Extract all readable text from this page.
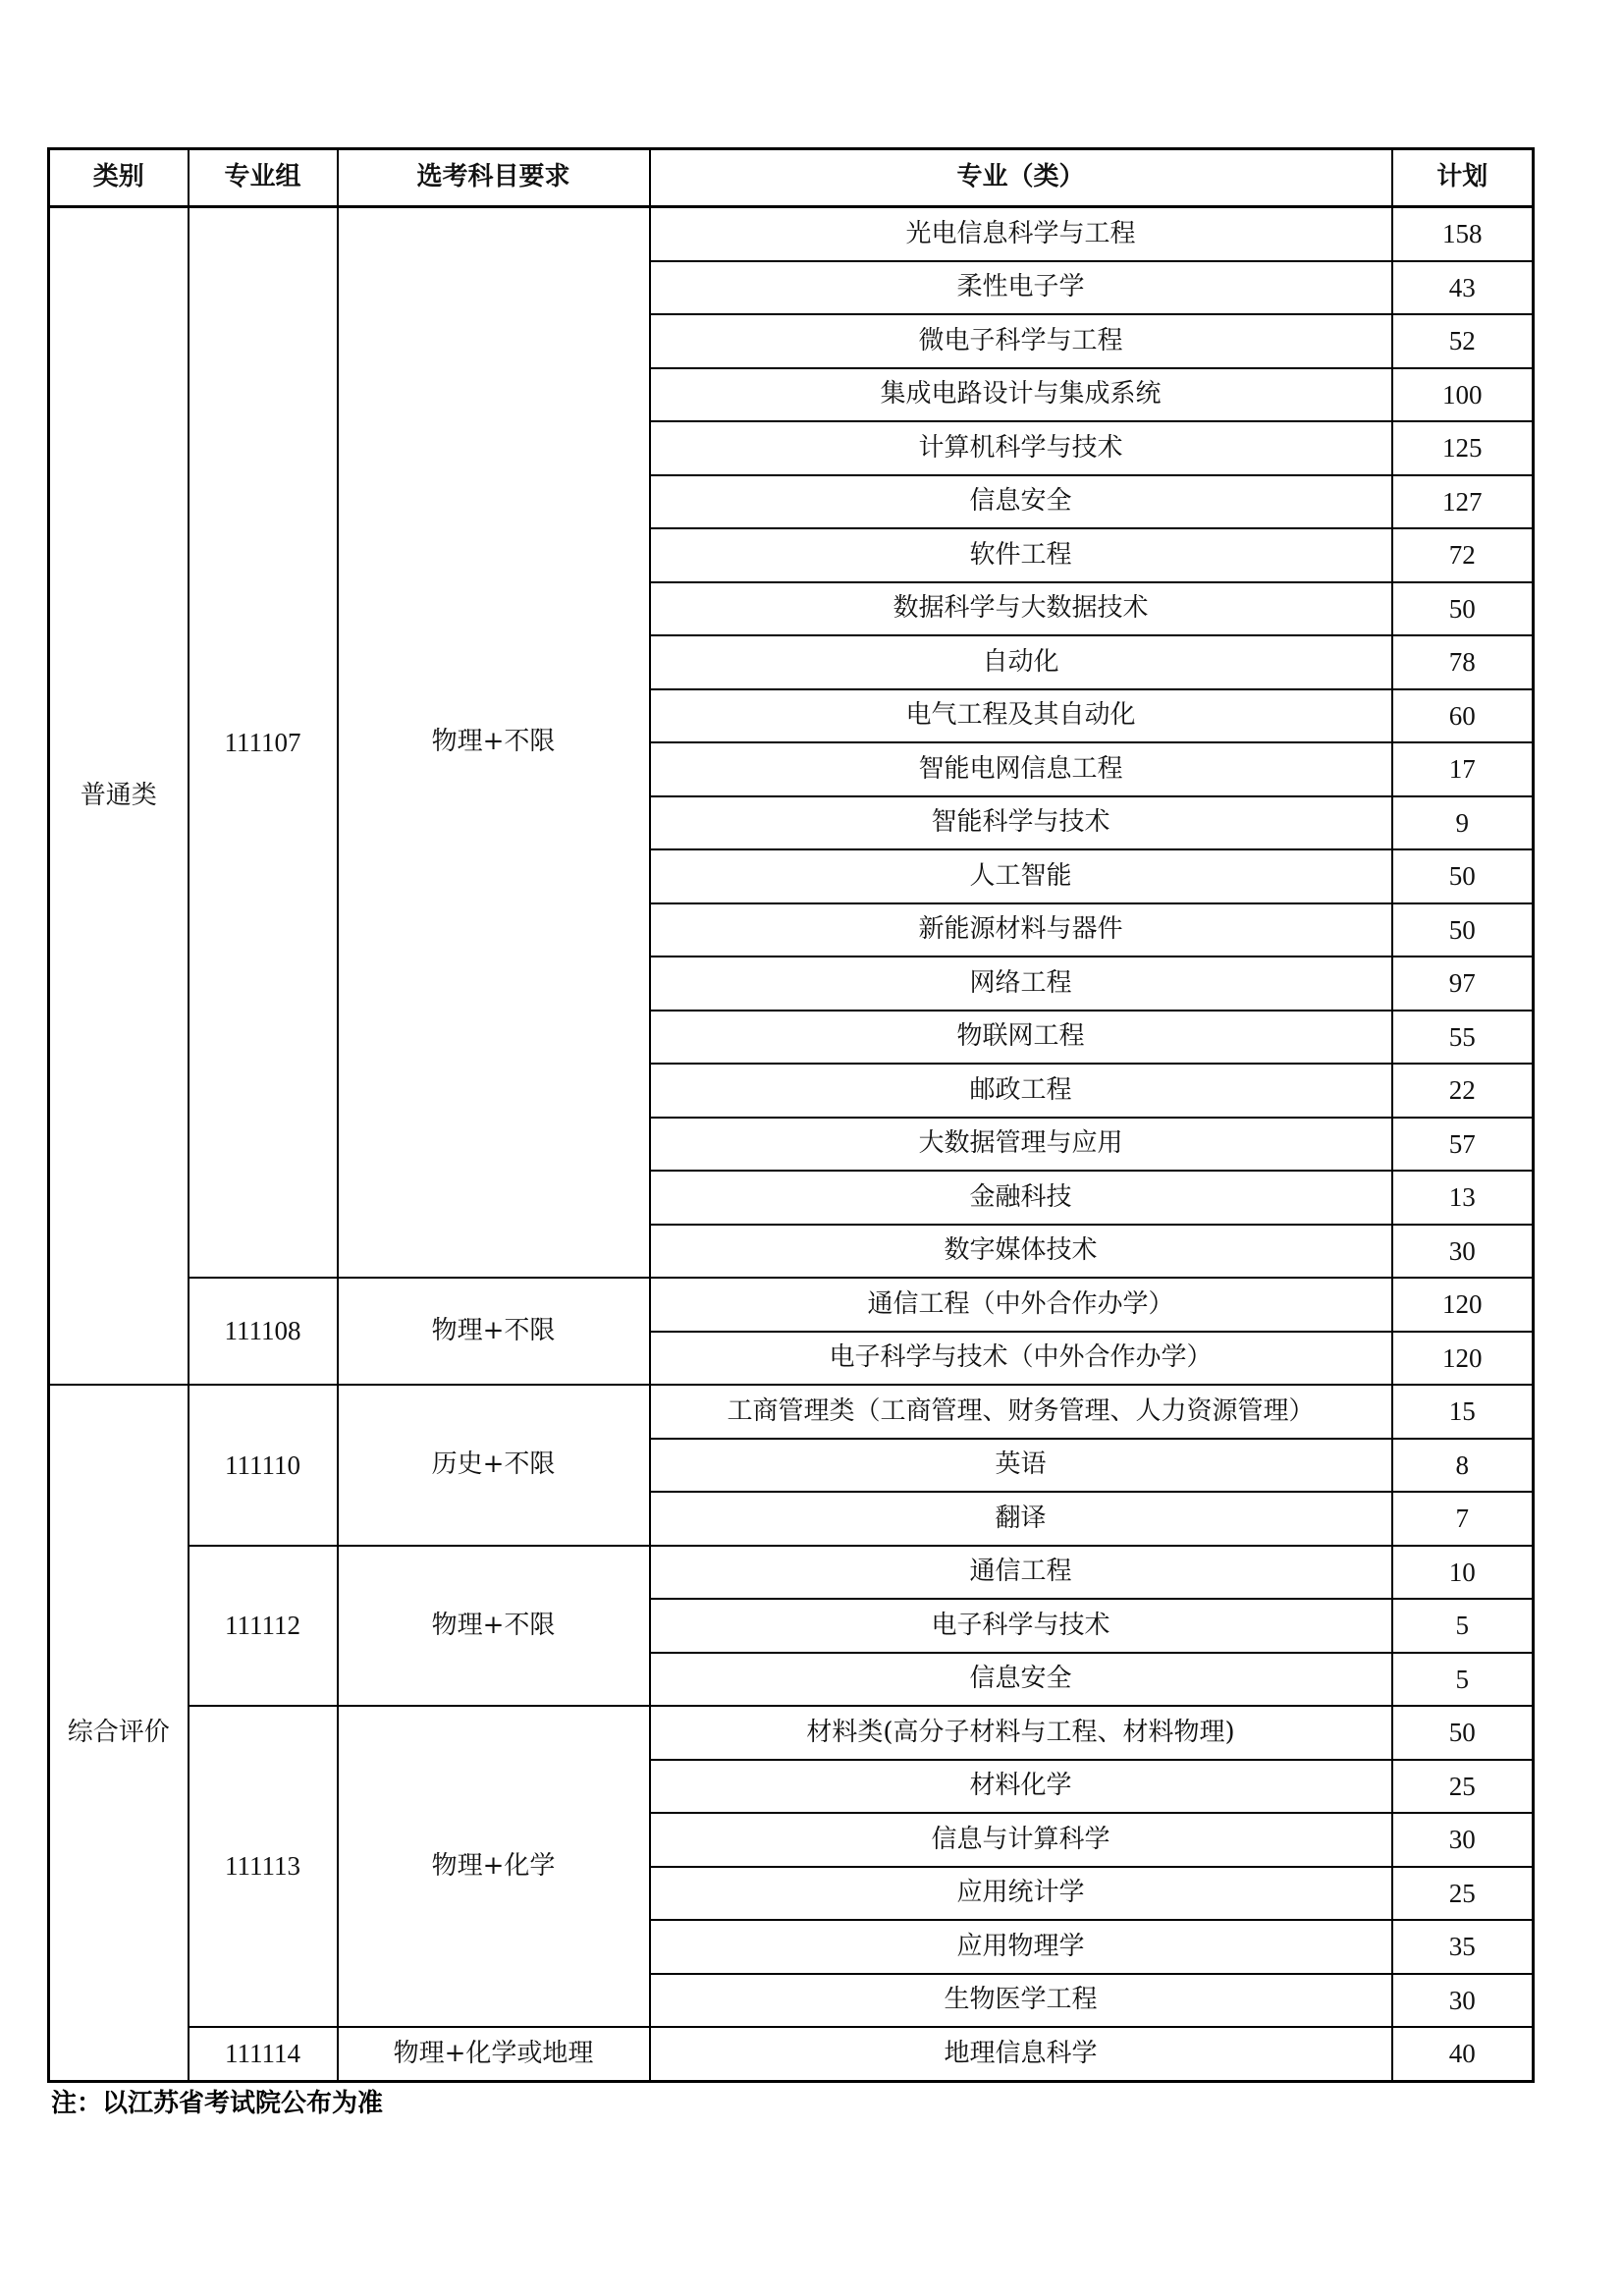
类别	专业组	选考科目要求	专业（类）	计划
普通类	111107	物理+不限	光电信息科学与工程	158
			柔性电子学	43
			微电子科学与工程	52
			集成电路设计与集成系统	100
			计算机科学与技术	125
			信息安全	127
			软件工程	72
			数据科学与大数据技术	50
			自动化	78
			电气工程及其自动化	60
			智能电网信息工程	17
			智能科学与技术	9
			人工智能	50
			新能源材料与器件	50
			网络工程	97
			物联网工程	55
			邮政工程	22
			大数据管理与应用	57
			金融科技	13
			数字媒体技术	30
	111108	物理+不限	通信工程（中外合作办学）	120
			电子科学与技术（中外合作办学）	120
综合评价	111110	历史+不限	工商管理类（工商管理、财务管理、人力资源管理）	15
			英语	8
			翻译	7
	111112	物理+不限	通信工程	10
			电子科学与技术	5
			信息安全	5
	111113	物理+化学	材料类(高分子材料与工程、材料物理)	50
			材料化学	25
			信息与计算科学	30
			应用统计学	25
			应用物理学	35
			生物医学工程	30
	111114	物理+化学或地理	地理信息科学	40
注：以江苏省考试院公布为准
